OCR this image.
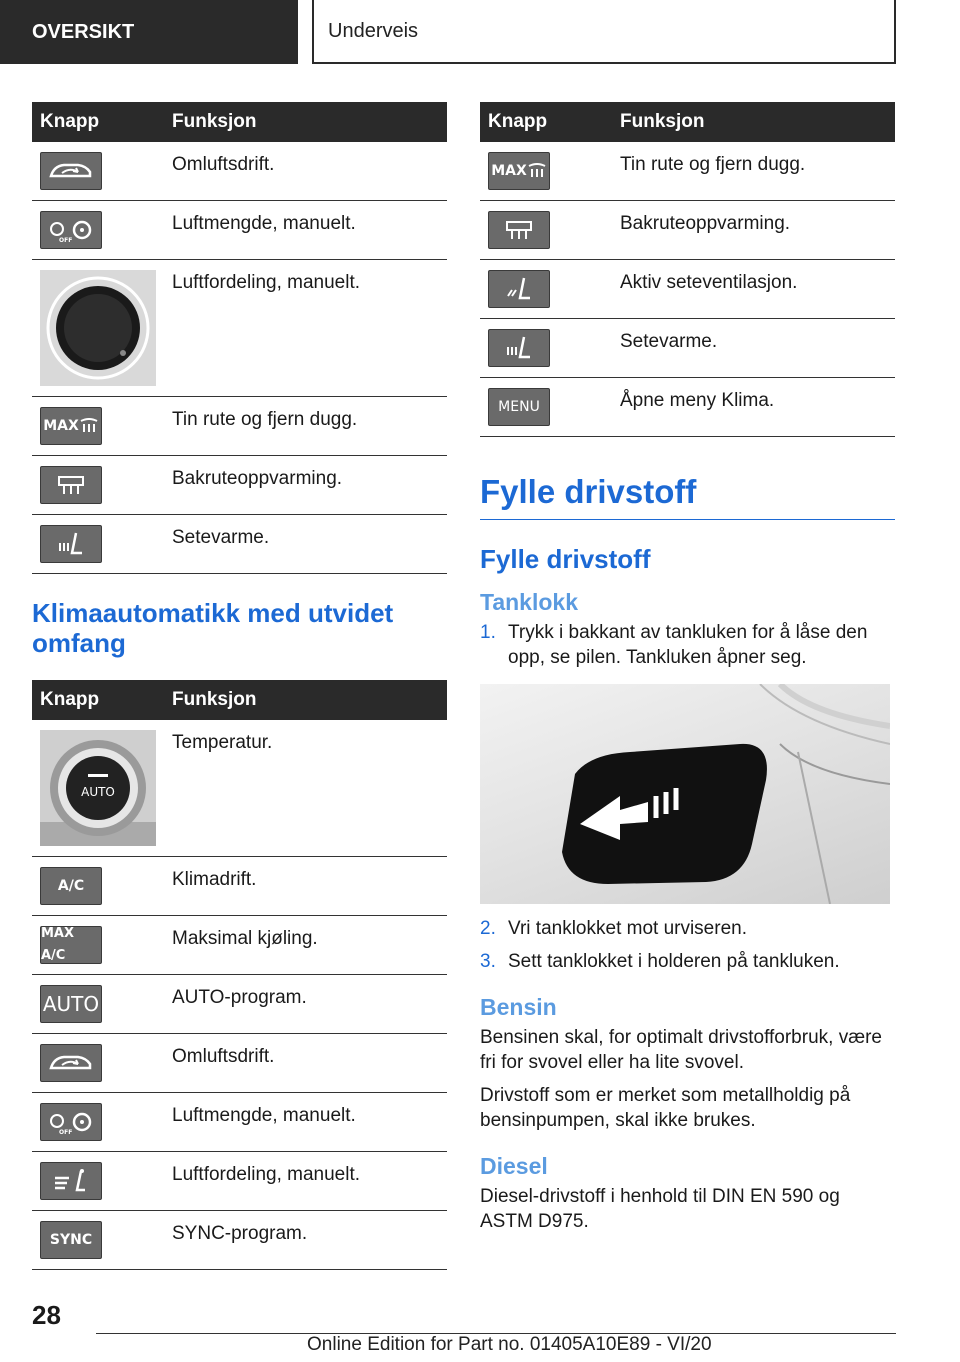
OVERSIKT	Underveis
Knapp	Funksjon

	Omluftsdrift.

OFF	Luftmengde, manuelt.

	Luftfordeling, manuelt.

MAX	Tin rute og fjern dugg.

	Bakruteoppvarming.

	Setevarme.
Klimaautomatikk med utvidet omfang
Knapp	Funksjon

AUTO	Temperatur.

A/C	Klimadrift.

MAX A/C	Maksimal kjøling.

AUTO	AUTO-program.

	Omluftsdrift.

OFF	Luftmengde, manuelt.

	Luftfordeling, manuelt.

SYNC	SYNC-program.
Knapp	Funksjon

MAX	Tin rute og fjern dugg.

	Bakruteoppvarming.

	Aktiv seteventilasjon.

	Setevarme.

MENU	Åpne meny Klima.
Fylle drivstoff
Fylle drivstoff
Tanklokk
1. Trykk i bakkant av tankluken for å låse den opp, se pilen. Tankluken åpner seg.
2. Vri tanklokket mot urviseren.
3. Sett tanklokket i holderen på tankluken.
Bensin

Bensinen skal, for optimalt drivstofforbruk, være fri for svovel eller ha lite svovel.

Drivstoff som er merket som metallholdig på bensinpumpen, skal ikke brukes.

Diesel

Diesel-drivstoff i henhold til DIN EN 590 og ASTM D975.

28
Online Edition for Part no. 01405A10E89 - VI/20
